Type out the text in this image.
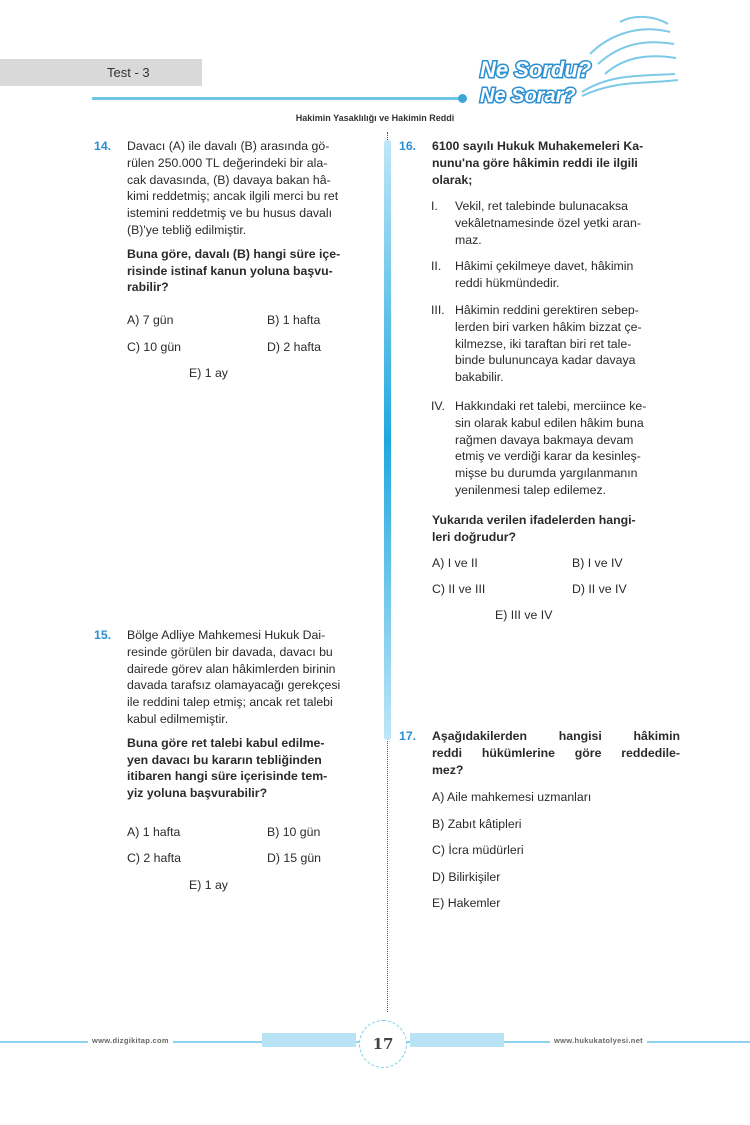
Test - 3	Ne Sordu?
Ne Sorar?
Hakimin Yasaklılığı ve Hakimin Reddi
14. Davacı (A) ile davalı (B) arasında gö-
rülen 250.000 TL değerindeki bir ala-
cak davasında, (B) davaya bakan hâ-
kimi reddetmiş; ancak ilgili merci bu ret
istemini reddetmiş ve bu husus davalı
(B)'ye tebliğ edilmiştir.
Buna göre, davalı (B) hangi süre içe-
risinde istinaf kanun yoluna başvu-
rabilir?
A) 7 gün	B) 1 hafta
C) 10 gün	D) 2 hafta
E) 1 ay
15. Bölge Adliye Mahkemesi Hukuk Dai-
resinde görülen bir davada, davacı bu
dairede görev alan hâkimlerden birinin
davada tarafsız olamayacağı gerekçesi
ile reddini talep etmiş; ancak ret talebi
kabul edilmemiştir.
Buna göre ret talebi kabul edilme-
yen davacı bu kararın tebliğinden
itibaren hangi süre içerisinde tem-
yiz yoluna başvurabilir?
A) 1 hafta	B) 10 gün
C) 2 hafta	D) 15 gün
E) 1 ay
16. 6100 sayılı Hukuk Muhakemeleri Ka-
nunu'na göre hâkimin reddi ile ilgili
olarak;
I. Vekil, ret talebinde bulunacaksa
vekâletnamesinde özel yetki aran-
maz.
II. Hâkimi çekilmeye davet, hâkimin
reddi hükmündedir.
III. Hâkimin reddini gerektiren sebep-
lerden biri varken hâkim bizzat çe-
kilmezse, iki taraftan biri ret tale-
binde bulununcaya kadar davaya
bakabilir.
IV. Hakkındaki ret talebi, merciince ke-
sin olarak kabul edilen hâkim buna
rağmen davaya bakmaya devam
etmiş ve verdiği karar da kesinleş-
mişse bu durumda yargılanmanın
yenilenmesi talep edilemez.
Yukarıda verilen ifadelerden hangi-
leri doğrudur?
A) I ve II	B) I ve IV
C) II ve III	D) II ve IV
E) III ve IV
17. Aşağıdakilerden hangisi hâkimin
reddi hükümlerine göre reddedile-
mez?
A) Aile mahkemesi uzmanları
B) Zabıt kâtipleri
C) İcra müdürleri
D) Bilirkişiler
E) Hakemler
www.dizgikitap.com	www.hukukatolyesi.net
17
